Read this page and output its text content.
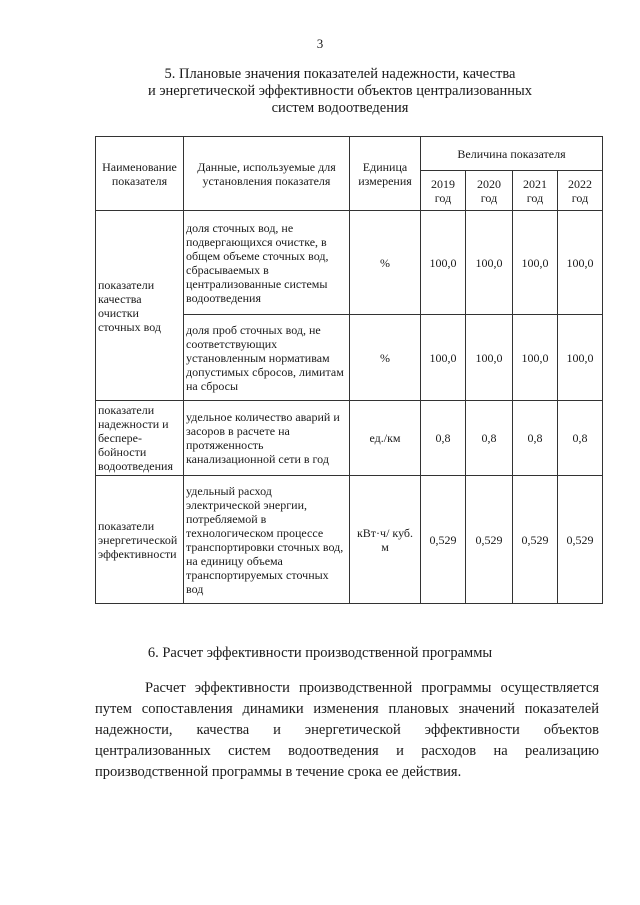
3
5. Плановые значения показателей надежности, качества
и энергетической эффективности объектов централизованных
систем водоотведения
Наименование показателя	Данные, используемые для установления показателя	Единица измерения	Величина показателя			
			2019 год	2020 год	2021 год	2022 год
показатели качества очистки сточных вод	доля сточных вод, не подвергающихся очистке, в общем объеме сточных вод, сбрасываемых в централизованные системы водоотведения	%	100,0	100,0	100,0	100,0
	доля проб сточных вод, не соответствующих установленным нормативам допустимых сбросов, лимитам на сбросы	%	100,0	100,0	100,0	100,0
показатели надежности и беспере-бойности водоотведения	удельное количество аварий и засоров в расчете на протяженность канализационной сети в год	ед./км	0,8	0,8	0,8	0,8
показатели энергетической эффективности	удельный расход электрической энергии, потребляемой в технологическом процессе транспортировки сточных вод, на единицу объема транспортируемых сточных вод	кВт·ч/ куб. м	0,529	0,529	0,529	0,529
6. Расчет эффективности производственной программы
Расчет эффективности производственной программы осуществляется
путем сопоставления динамики изменения плановых значений показателей
надежности, качества и энергетической эффективности объектов
централизованных систем водоотведения и расходов на реализацию
производственной программы в течение срока ее действия.
